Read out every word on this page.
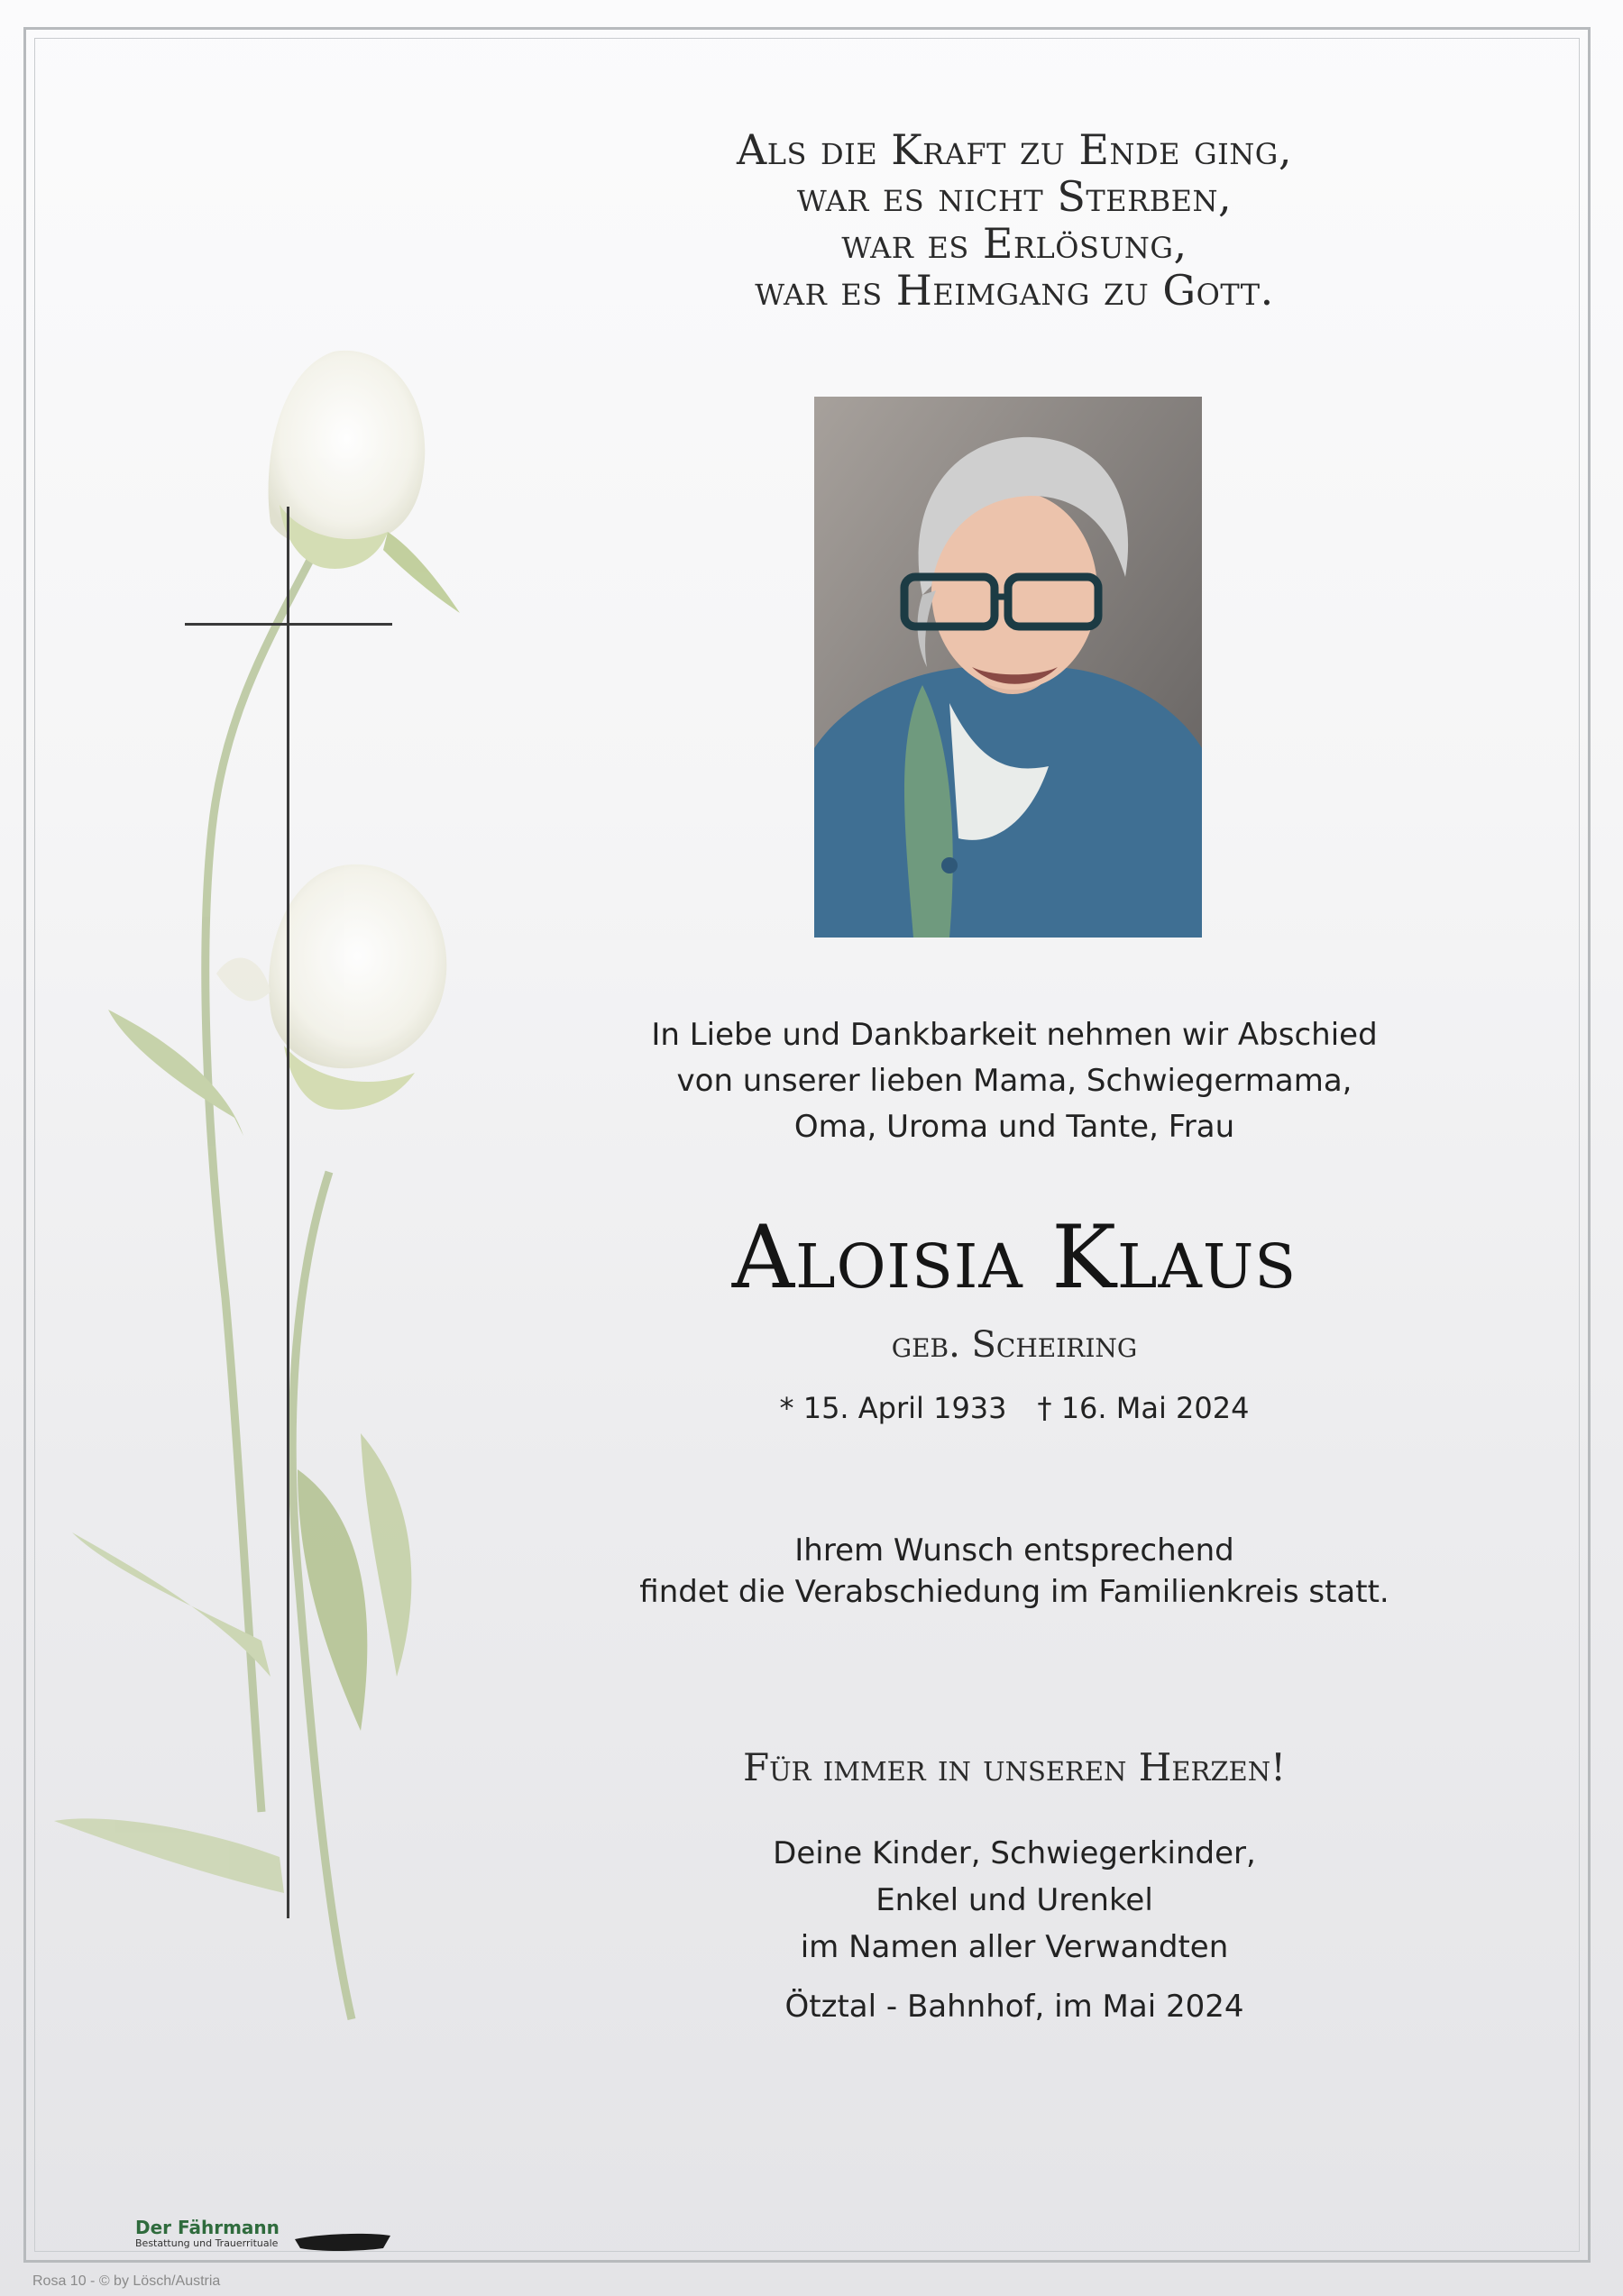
Als die Kraft zu Ende ging,
war es nicht Sterben,
war es Erlösung,
war es Heimgang zu Gott.
In Liebe und Dankbarkeit nehmen wir Abschied
von unserer lieben Mama, Schwiegermama,
Oma, Uroma und Tante, Frau
Aloisia Klaus
geb. Scheiring
* 15. April 1933 † 16. Mai 2024
Ihrem Wunsch entsprechend
findet die Verabschiedung im Familienkreis statt.
Für immer in unseren Herzen!
Deine Kinder, Schwiegerkinder,
Enkel und Urenkel
im Namen aller Verwandten
Ötztal - Bahnhof, im Mai 2024
Der Fährmann
Bestattung und Trauerrituale
Rosa 10 - © by Lösch/Austria
